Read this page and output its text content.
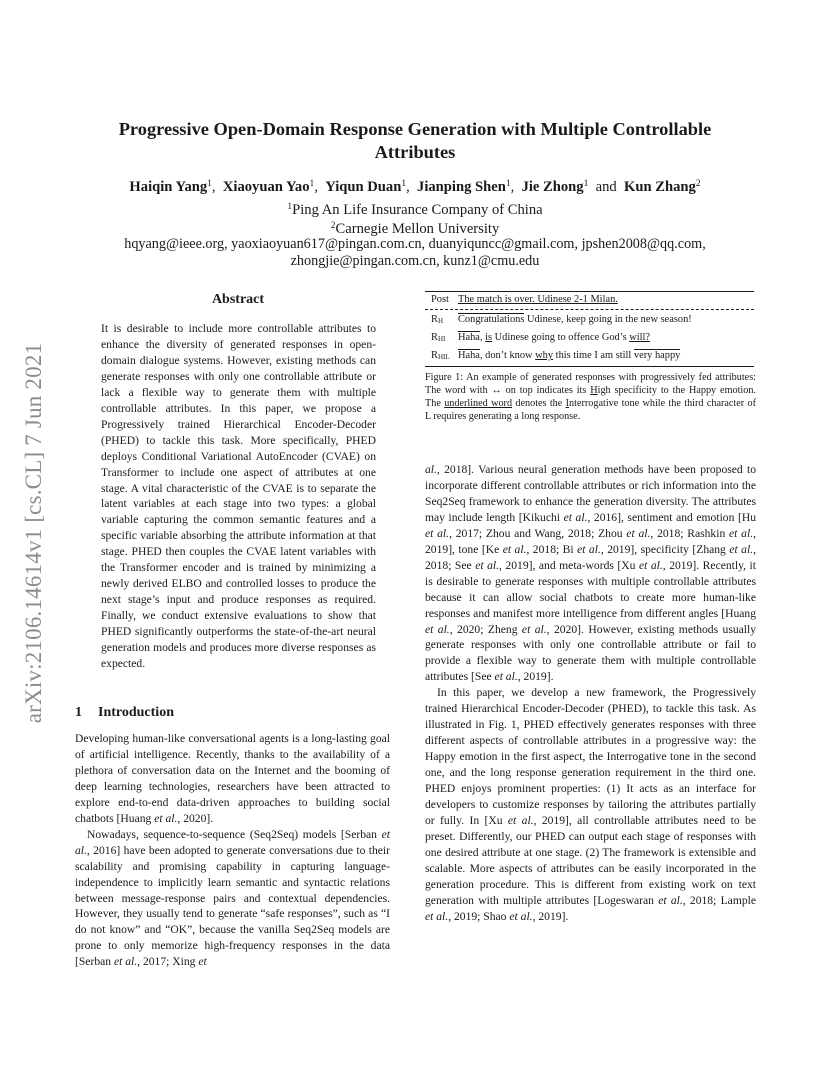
arXiv:2106.14614v1 [cs.CL] 7 Jun 2021
Progressive Open-Domain Response Generation with Multiple Controllable Attributes
Haiqin Yang$^1$, Xiaoyuan Yao$^1$, Yiqun Duan$^1$, Jianping Shen$^1$, Jie Zhong$^1$ and Kun Zhang$^2$
$^1$Ping An Life Insurance Company of China
$^2$Carnegie Mellon University
hqyang@ieee.org, yaoxiaoyuan617@pingan.com.cn, duanyiquncc@gmail.com, jpshen2008@qq.com,
zhongjie@pingan.com.cn, kunz1@cmu.edu
Abstract
It is desirable to include more controllable attributes to enhance the diversity of generated responses in open-domain dialogue systems. However, existing methods can generate responses with only one controllable attribute or lack a flexible way to generate them with multiple controllable attributes. In this paper, we propose a Progressively trained Hierarchical Encoder-Decoder (PHED) to tackle this task. More specifically, PHED deploys Conditional Variational AutoEncoder (CVAE) on Transformer to include one aspect of attributes at one stage. A vital characteristic of the CVAE is to separate the latent variables at each stage into two types: a global variable capturing the common semantic features and a specific variable absorbing the attribute information at that stage. PHED then couples the CVAE latent variables with the Transformer encoder and is trained by minimizing a newly derived ELBO and controlled losses to produce the next stage’s input and produce responses as required. Finally, we conduct extensive evaluations to show that PHED significantly outperforms the state-of-the-art neural generation models and produces more diverse responses as expected.
1 Introduction

Developing human-like conversational agents is a long-lasting goal of artificial intelligence. Recently, thanks to the availability of a plethora of conversation data on the Internet and the booming of deep learning technologies, researchers have been attracted to explore end-to-end data-driven approaches to building social chatbots [Huang et al., 2020].

Nowadays, sequence-to-sequence (Seq2Seq) models [Serban et al., 2016] have been adopted to generate conversations due to their scalability and promising capability in capturing language-independence to implicitly learn semantic and syntactic relations between message-response pairs and contextual dependencies. However, they usually tend to generate “safe responses”, such as “I do not know” and “OK”, because the vanilla Seq2Seq models are prone to only memorize high-frequency responses in the data [Serban et al., 2017; Xing et

Post The match is over. Udinese 2-1 Milan.
$R_H$	Congratulations Udinese, keep going in the new season!
$R_{HI}$	Haha, is Udinese going to offence God’s will?
$R_{HIL}$ Haha, don’t know why this time I am still very happy
Figure 1: An example of generated responses with progressively fed attributes: The word with ↔ on top indicates its High specificity to the Happy emotion. The underlined word denotes the Interrogative tone while the third character of L requires generating a long response.

al., 2018]. Various neural generation methods have been proposed to incorporate different controllable attributes or rich information into the Seq2Seq framework to enhance the generation diversity. The attributes may include length [Kikuchi et al., 2016], sentiment and emotion [Hu et al., 2017; Zhou and Wang, 2018; Zhou et al., 2018; Rashkin et al., 2019], tone [Ke et al., 2018; Bi et al., 2019], specificity [Zhang et al., 2018; See et al., 2019], and meta-words [Xu et al., 2019]. Recently, it is desirable to generate responses with multiple controllable attributes because it can allow social chatbots to create more human-like responses and manifest more intelligence from different angles [Huang et al., 2020; Zheng et al., 2020]. However, existing methods usually generate responses with only one controllable attribute or fail to provide a flexible way to generate them with multiple controllable attributes [See et al., 2019].

In this paper, we develop a new framework, the Progressively trained Hierarchical Encoder-Decoder (PHED), to tackle this task. As illustrated in Fig. 1, PHED effectively generates responses with three different aspects of controllable attributes in a progressive way: the Happy emotion in the first aspect, the Interrogative tone in the second one, and the long response generation requirement in the third one. PHED enjoys prominent properties: (1) It acts as an interface for developers to customize responses by tailoring the attributes partially or fully. In [Xu et al., 2019], all controllable attributes need to be preset. Differently, our PHED can output each stage of responses with one desired attribute at one stage. (2) The framework is extensible and scalable. More aspects of attributes can be easily incorporated in the generation procedure. This is different from existing work on text generation with multiple attributes [Logeswaran et al., 2018; Lample et al., 2019; Shao et al., 2019].
